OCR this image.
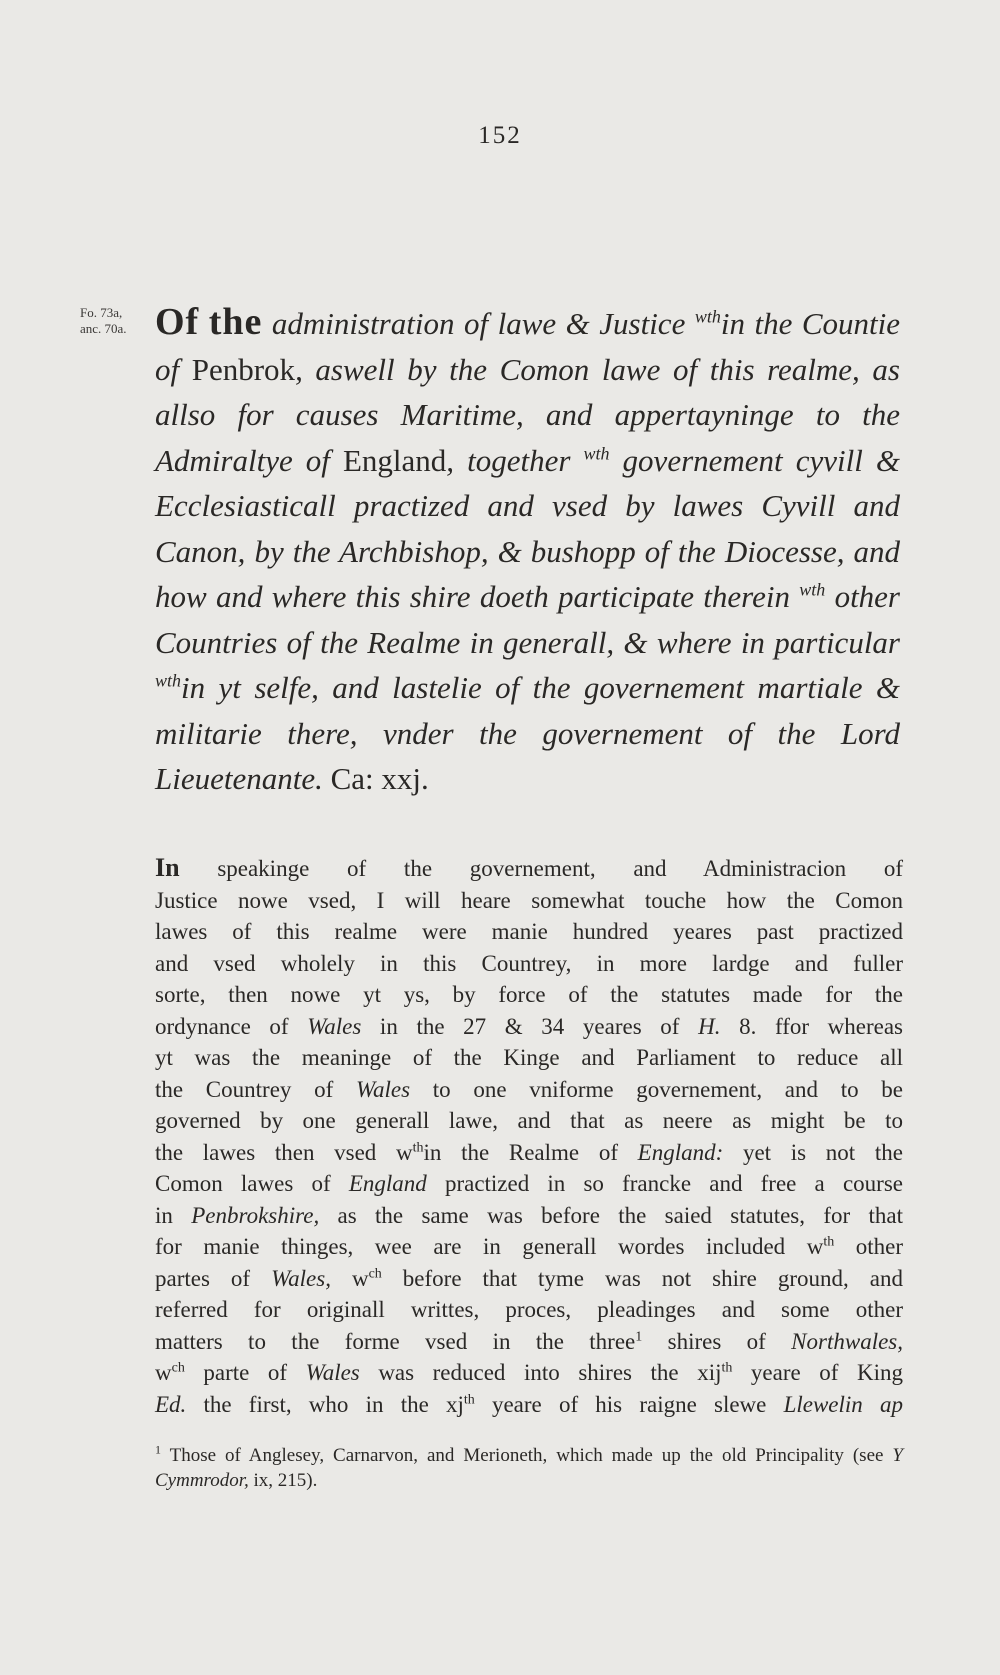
152
Fo. 73a,
anc. 70a. Of the administration of lawe & Justice $^{wth}$in the Countie of Penbrok, aswell by the Comon lawe of this realme, as allso for causes Maritime, and appertayninge to the Admiraltye of England, together $^{wth}$ governement cyvill & Ecclesiasticall practized and vsed by lawes Cyvill and Canon, by the Archbishop, & bushopp of the Diocesse, and how and where this shire doeth participate therein $^{wth}$ other Countries of the Realme in generall, & where in particular $^{wth}$in yt selfe, and lastelie of the governement martiale & militarie there, vnder the governement of the Lord Lieuetenante. Ca: xxj.
In speakinge of the governement, and Administracion of
Justice nowe vsed, I will heare somewhat touche how the Comon
lawes of this realme were manie hundred yeares past practized
and vsed wholely in this Countrey, in more lardge and fuller
sorte, then nowe yt ys, by force of the statutes made for the
ordynance of Wales in the 27 & 34 yeares of H. 8. ffor whereas
yt was the meaninge of the Kinge and Parliament to reduce all
the Countrey of Wales to one vniforme governement, and to be
governed by one generall lawe, and that as neere as might be to
the lawes then vsed $w^{th}in$ the Realme of England: yet is not the
Comon lawes of England practized in so francke and free a course
in Penbrokshire, as the same was before the saied statutes, for that
for manie thinges, wee are in generall wordes included $w^{th}$ other
partes of Wales, $w^{ch}$ before that tyme was not shire ground, and
referred for originall writtes, proces, pleadinges and some other
matters to the forme vsed in the three$^1$ shires of Northwales,
$w^{ch}$ parte of Wales was reduced into shires the xij$^{th}$ yeare of King
Ed. the first, who in the $xj^{th}$ yeare of his raigne slewe Llewelin ap
$^1$ Those of Anglesey, Carnarvon, and Merioneth, which made up the old Principality (see Y Cymmrodor, ix, 215).
